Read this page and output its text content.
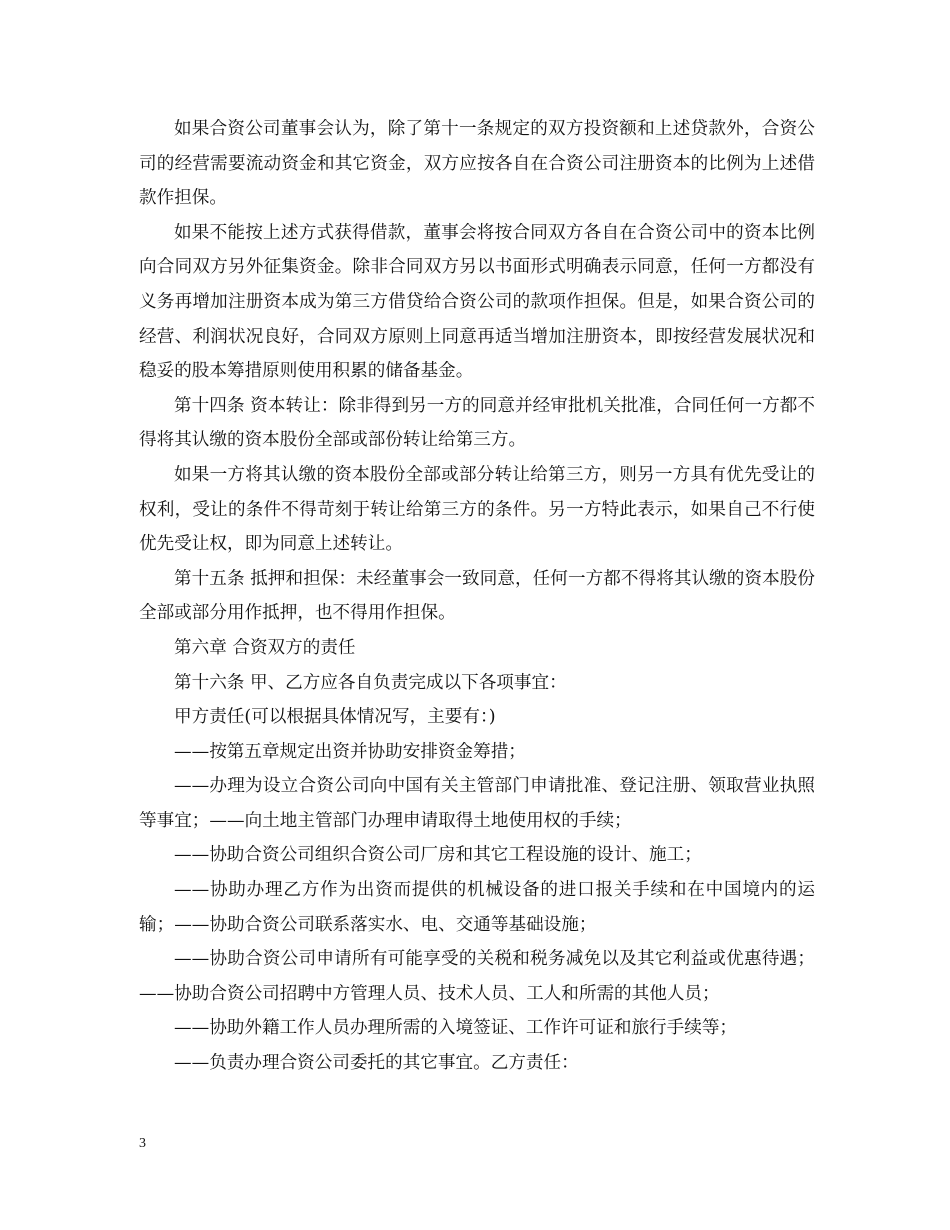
如果合资公司董事会认为，除了第十一条规定的双方投资额和上述贷款外，合资公司的经营需要流动资金和其它资金，双方应按各自在合资公司注册资本的比例为上述借款作担保。

如果不能按上述方式获得借款，董事会将按合同双方各自在合资公司中的资本比例向合同双方另外征集资金。除非合同双方另以书面形式明确表示同意，任何一方都没有义务再增加注册资本成为第三方借贷给合资公司的款项作担保。但是，如果合资公司的经营、利润状况良好，合同双方原则上同意再适当增加注册资本，即按经营发展状况和稳妥的股本筹措原则使用积累的储备基金。

第十四条 资本转让：除非得到另一方的同意并经审批机关批准，合同任何一方都不得将其认缴的资本股份全部或部份转让给第三方。

如果一方将其认缴的资本股份全部或部分转让给第三方，则另一方具有优先受让的权利，受让的条件不得苛刻于转让给第三方的条件。另一方特此表示，如果自己不行使优先受让权，即为同意上述转让。

第十五条 抵押和担保：未经董事会一致同意，任何一方都不得将其认缴的资本股份全部或部分用作抵押，也不得用作担保。

第六章 合资双方的责任

第十六条 甲、乙方应各自负责完成以下各项事宜：

甲方责任(可以根据具体情况写，主要有：)

——按第五章规定出资并协助安排资金筹措；

——办理为设立合资公司向中国有关主管部门申请批准、登记注册、领取营业执照等事宜；——向土地主管部门办理申请取得土地使用权的手续；

——协助合资公司组织合资公司厂房和其它工程设施的设计、施工；

——协助办理乙方作为出资而提供的机械设备的进口报关手续和在中国境内的运输；——协助合资公司联系落实水、电、交通等基础设施；

——协助合资公司申请所有可能享受的关税和税务减免以及其它利益或优惠待遇；——协助合资公司招聘中方管理人员、技术人员、工人和所需的其他人员；

——协助外籍工作人员办理所需的入境签证、工作许可证和旅行手续等；

——负责办理合资公司委托的其它事宜。乙方责任：

3
